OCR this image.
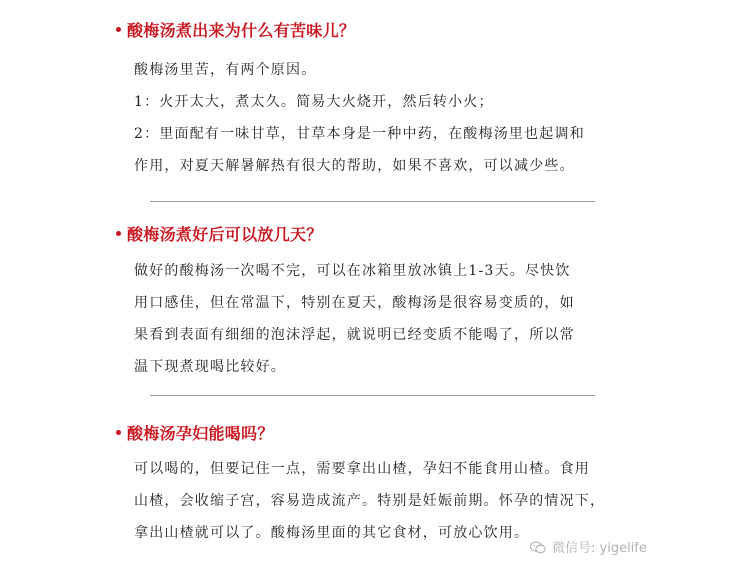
酸梅汤煮出来为什么有苦味儿？
酸梅汤里苦，有两个原因。
1：火开太大，煮太久。简易大火烧开，然后转小火；
2：里面配有一味甘草，甘草本身是一种中药，在酸梅汤里也起调和
作用，对夏天解暑解热有很大的帮助，如果不喜欢，可以减少些。
酸梅汤煮好后可以放几天？
做好的酸梅汤一次喝不完，可以在冰箱里放冰镇上1-3天。尽快饮
用口感佳，但在常温下，特别在夏天，酸梅汤是很容易变质的，如
果看到表面有细细的泡沫浮起，就说明已经变质不能喝了，所以常
温下现煮现喝比较好。
酸梅汤孕妇能喝吗？
可以喝的，但要记住一点，需要拿出山楂，孕妇不能食用山楂。食用
山楂，会收缩子宫，容易造成流产。特别是妊娠前期。怀孕的情况下，
拿出山楂就可以了。酸梅汤里面的其它食材，可放心饮用。
微信号: yigelife
